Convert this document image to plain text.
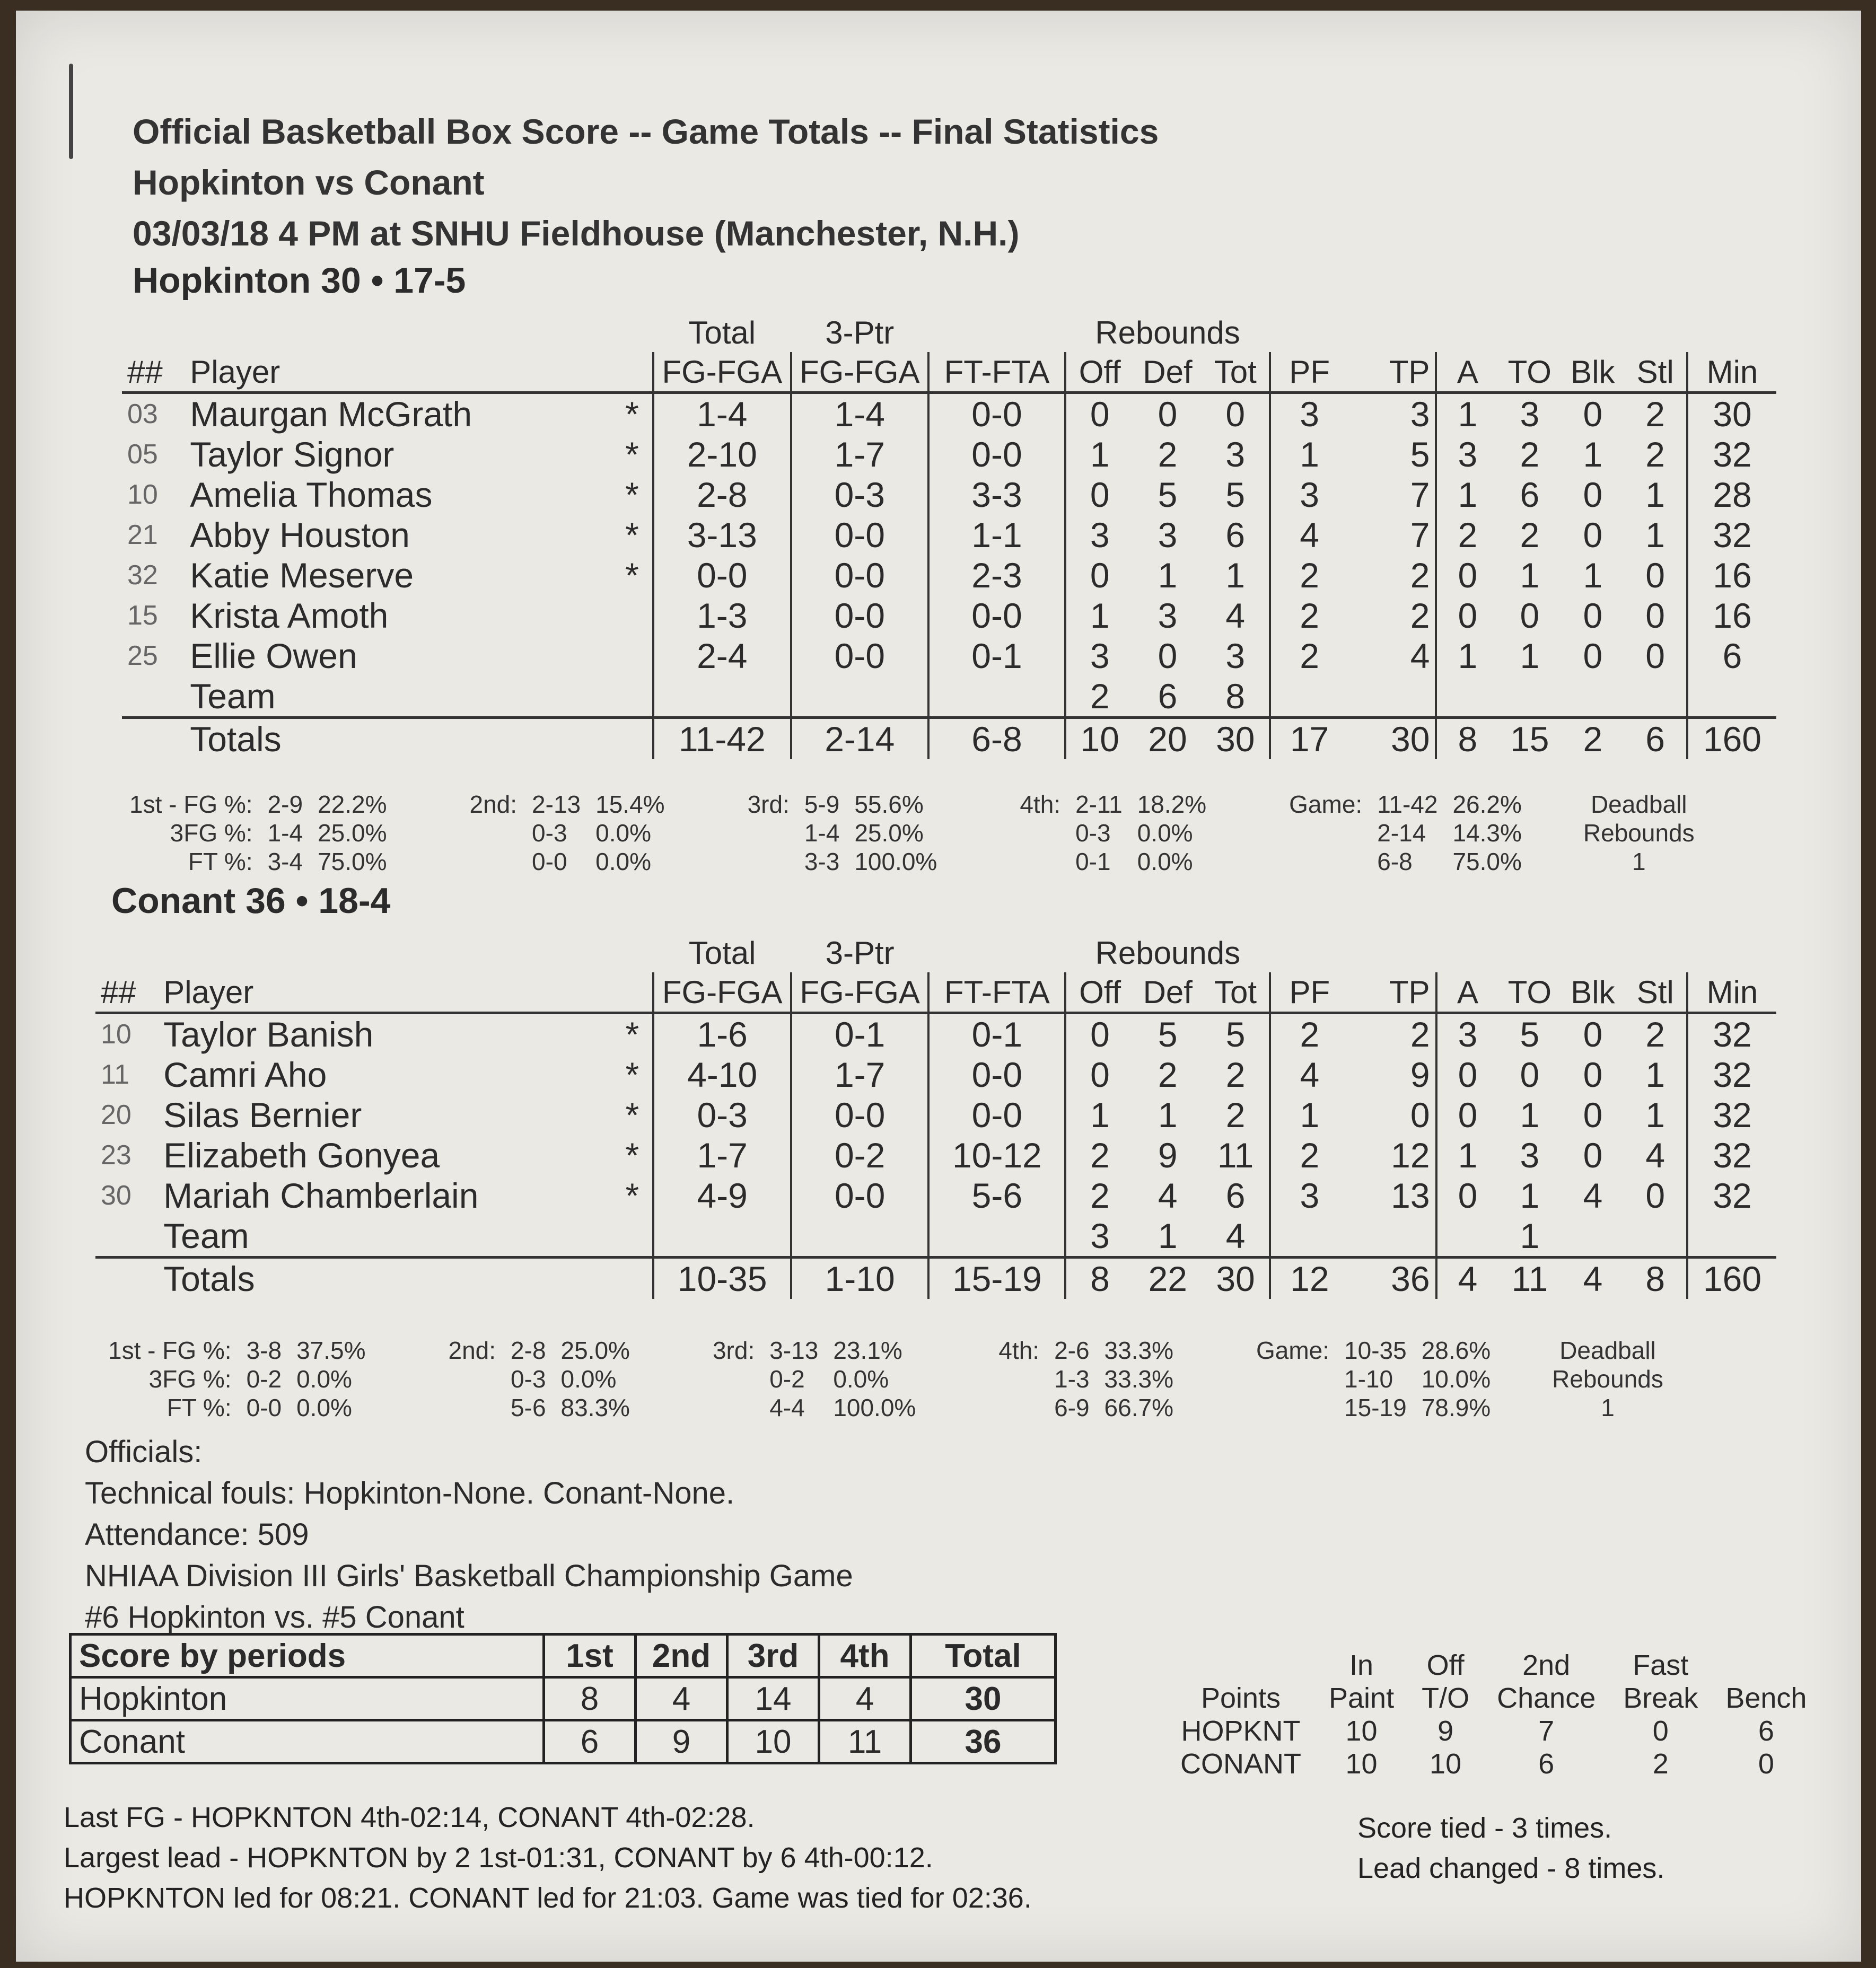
Official Basketball Box Score -- Game Totals -- Final Statistics
Hopkinton vs Conant
03/03/18 4 PM at SNHU Fieldhouse (Manchester, N.H.)
Hopkinton 30 • 17-5
			Total	3-Ptr		Rebounds									
##	Player		FG-FGA	FG-FGA	FT-FTA	Off	Def	Tot	PF	TP	A	TO	Blk	Stl	Min
03	Maurgan McGrath	*	1-4	1-4	0-0	0	0	0	3	3	1	3	0	2	30
05	Taylor Signor	*	2-10	1-7	0-0	1	2	3	1	5	3	2	1	2	32
10	Amelia Thomas	*	2-8	0-3	3-3	0	5	5	3	7	1	6	0	1	28
21	Abby Houston	*	3-13	0-0	1-1	3	3	6	4	7	2	2	0	1	32
32	Katie Meserve	*	0-0	0-0	2-3	0	1	1	2	2	0	1	1	0	16
15	Krista Amoth		1-3	0-0	0-0	1	3	4	2	2	0	0	0	0	16
25	Ellie Owen		2-4	0-0	0-1	3	0	3	2	4	1	1	0	0	6
	Team					2	6	8							
	Totals		11-42	2-14	6-8	10	20	30	17	30	8	15	2	6	160
1st - FG %:	2-9	22.2%		2nd:	2-13	15.4%		3rd:	5-9	55.6%		4th:	2-11	18.2%		Game:	11-42	26.2%		Deadball
3FG %:	1-4	25.0%			0-3	0.0%			1-4	25.0%			0-3	0.0%			2-14	14.3%		Rebounds
FT %:	3-4	75.0%			0-0	0.0%			3-3	100.0%			0-1	0.0%			6-8	75.0%		1
Conant 36 • 18-4
			Total	3-Ptr		Rebounds									
##	Player		FG-FGA	FG-FGA	FT-FTA	Off	Def	Tot	PF	TP	A	TO	Blk	Stl	Min
10	Taylor Banish	*	1-6	0-1	0-1	0	5	5	2	2	3	5	0	2	32
11	Camri Aho	*	4-10	1-7	0-0	0	2	2	4	9	0	0	0	1	32
20	Silas Bernier	*	0-3	0-0	0-0	1	1	2	1	0	0	1	0	1	32
23	Elizabeth Gonyea	*	1-7	0-2	10-12	2	9	11	2	12	1	3	0	4	32
30	Mariah Chamberlain	*	4-9	0-0	5-6	2	4	6	3	13	0	1	4	0	32
	Team					3	1	4				1			
	Totals		10-35	1-10	15-19	8	22	30	12	36	4	11	4	8	160
1st - FG %:	3-8	37.5%		2nd:	2-8	25.0%		3rd:	3-13	23.1%		4th:	2-6	33.3%		Game:	10-35	28.6%		Deadball
3FG %:	0-2	0.0%			0-3	0.0%			0-2	0.0%			1-3	33.3%			1-10	10.0%		Rebounds
FT %:	0-0	0.0%			5-6	83.3%			4-4	100.0%			6-9	66.7%			15-19	78.9%		1
Officials:
Technical fouls: Hopkinton-None. Conant-None.
Attendance: 509
NHIAA Division III Girls' Basketball Championship Game
#6 Hopkinton vs. #5 Conant
Score by periods	1st	2nd	3rd	4th	Total
Hopkinton	8	4	14	4	30
Conant	6	9	10	11	36
	In	Off	2nd	Fast	
Points	Paint	T/O	Chance	Break	Bench
HOPKNT	10	9	7	0	6
CONANT	10	10	6	2	0
Last FG - HOPKNTON 4th-02:14, CONANT 4th-02:28.
Largest lead - HOPKNTON by 2 1st-01:31, CONANT by 6 4th-00:12.
HOPKNTON led for 08:21. CONANT led for 21:03. Game was tied for 02:36.
Score tied - 3 times.
Lead changed - 8 times.
